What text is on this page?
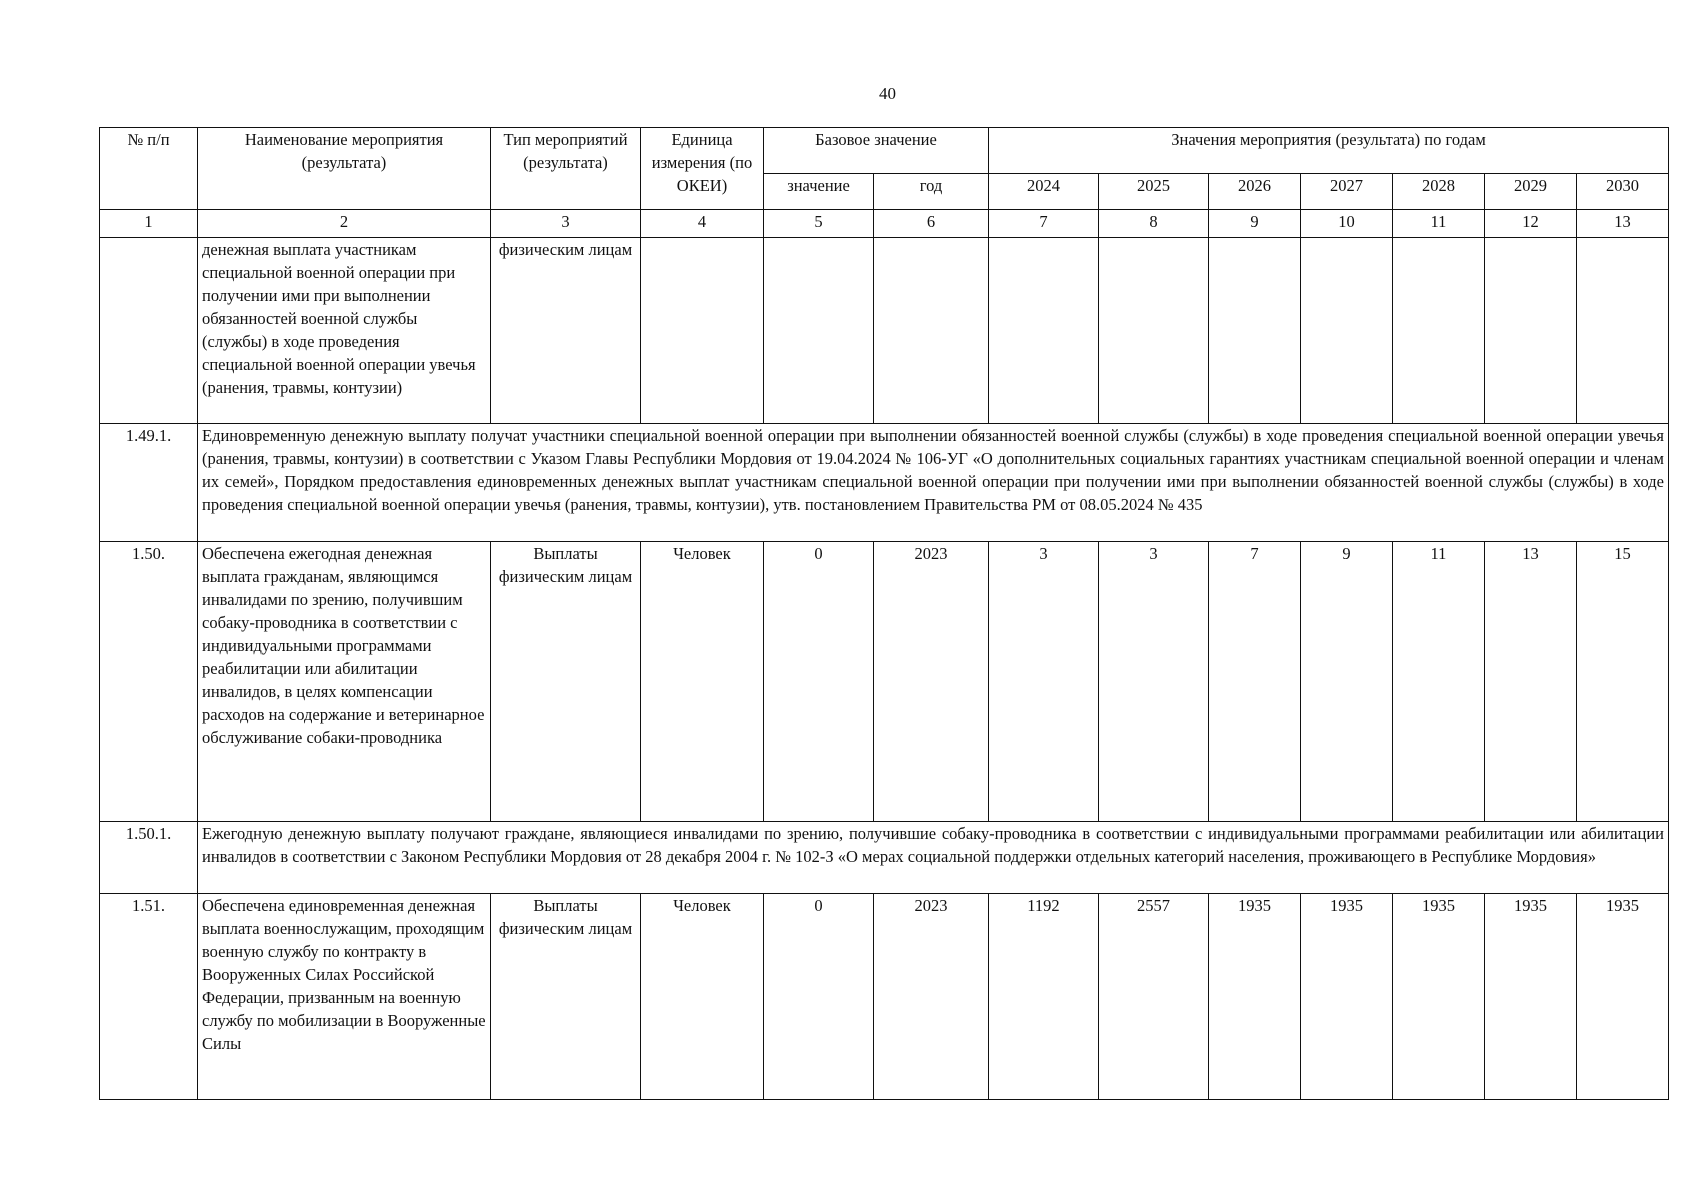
40
№ п/п	Наименование мероприятия (результата)	Тип мероприятий (результата)	Единица измерения (по ОКЕИ)	Базовое значение		Значения мероприятия (результата) по годам						
				значение	год	2024	2025	2026	2027	2028	2029	2030
1	2	3	4	5	6	7	8	9	10	11	12	13
	денежная выплата участникам специальной военной операции при получении ими при выполнении обязанностей военной службы (службы) в ходе проведения специальной военной операции увечья (ранения, травмы, контузии)	физическим лицам										
1.49.1.	Единовременную денежную выплату получат участники специальной военной операции при выполнении обязанностей военной службы (службы) в ходе проведения специальной военной операции увечья (ранения, травмы, контузии) в соответствии с Указом Главы Республики Мордовия от 19.04.2024 № 106-УГ «О дополнительных социальных гарантиях участникам специальной военной операции и членам их семей», Порядком предоставления единовременных денежных выплат участникам специальной военной операции при получении ими при выполнении обязанностей военной службы (службы) в ходе проведения специальной военной операции увечья (ранения, травмы, контузии), утв. постановлением Правительства РМ от 08.05.2024 № 435											
1.50.	Обеспечена ежегодная денежная выплата гражданам, являющимся инвалидами по зрению, получившим собаку-проводника в соответствии с индивидуальными программами реабилитации или абилитации инвалидов, в целях компенсации расходов на содержание и ветеринарное обслуживание собаки-проводника	Выплаты физическим лицам	Человек	0	2023	3	3	7	9	11	13	15
1.50.1.	Ежегодную денежную выплату получают граждане, являющиеся инвалидами по зрению, получившие собаку-проводника в соответствии с индивидуальными программами реабилитации или абилитации инвалидов в соответствии с Законом Республики Мордовия от 28 декабря 2004 г. № 102-З «О мерах социальной поддержки отдельных категорий населения, проживающего в Республике Мордовия»											
1.51.	Обеспечена единовременная денежная выплата военнослужащим, проходящим военную службу по контракту в Вооруженных Силах Российской Федерации, призванным на военную службу по мобилизации в Вооруженные Силы	Выплаты физическим лицам	Человек	0	2023	1192	2557	1935	1935	1935	1935	1935
